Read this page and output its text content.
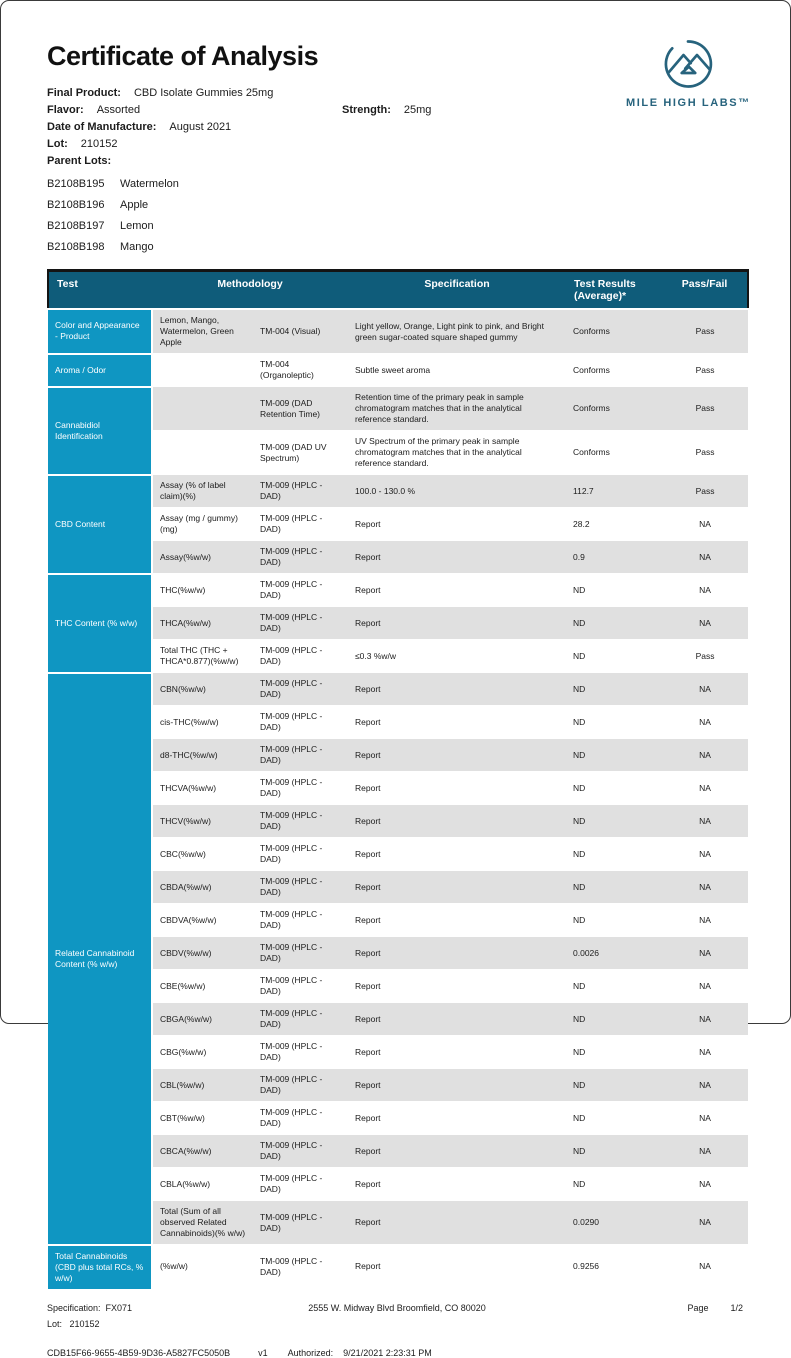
MILE HIGH LABS™
Certificate of Analysis
Final Product: CBD Isolate Gummies 25mg
Flavor: Assorted	Strength: 25mg
Date of Manufacture: August 2021
Lot: 210152
Parent Lots:
B2108B195 Watermelon
B2108B196 Apple
B2108B197 Lemon
B2108B198 Mango
Test	Methodology		Specification	Test Results (Average)*	Pass/Fail
Color and Appearance - Product	Lemon, Mango, Watermelon, Green Apple	TM-004 (Visual)	Light yellow, Orange, Light pink to pink, and Bright green sugar-coated square shaped gummy	Conforms	Pass
Aroma / Odor		TM-004 (Organoleptic)	Subtle sweet aroma	Conforms	Pass
Cannabidiol Identification		TM-009 (DAD Retention Time)	Retention time of the primary peak in sample chromatogram matches that in the analytical reference standard.	Conforms	Pass
		TM-009 (DAD UV Spectrum)	UV Spectrum of the primary peak in sample chromatogram matches that in the analytical reference standard.	Conforms	Pass
CBD Content	Assay (% of label claim)(%)	TM-009 (HPLC - DAD)	100.0 - 130.0 %	112.7	Pass
	Assay (mg / gummy)(mg)	TM-009 (HPLC - DAD)	Report	28.2	NA
	Assay(%w/w)	TM-009 (HPLC - DAD)	Report	0.9	NA
THC Content (% w/w)	THC(%w/w)	TM-009 (HPLC - DAD)	Report	ND	NA
	THCA(%w/w)	TM-009 (HPLC - DAD)	Report	ND	NA
	Total THC (THC + THCA*0.877)(%w/w)	TM-009 (HPLC - DAD)	≤0.3 %w/w	ND	Pass
Related Cannabinoid Content (% w/w)	CBN(%w/w)	TM-009 (HPLC - DAD)	Report	ND	NA
	cis-THC(%w/w)	TM-009 (HPLC - DAD)	Report	ND	NA
	d8-THC(%w/w)	TM-009 (HPLC - DAD)	Report	ND	NA
	THCVA(%w/w)	TM-009 (HPLC - DAD)	Report	ND	NA
	THCV(%w/w)	TM-009 (HPLC - DAD)	Report	ND	NA
	CBC(%w/w)	TM-009 (HPLC - DAD)	Report	ND	NA
	CBDA(%w/w)	TM-009 (HPLC - DAD)	Report	ND	NA
	CBDVA(%w/w)	TM-009 (HPLC - DAD)	Report	ND	NA
	CBDV(%w/w)	TM-009 (HPLC - DAD)	Report	0.0026	NA
	CBE(%w/w)	TM-009 (HPLC - DAD)	Report	ND	NA
	CBGA(%w/w)	TM-009 (HPLC - DAD)	Report	ND	NA
	CBG(%w/w)	TM-009 (HPLC - DAD)	Report	ND	NA
	CBL(%w/w)	TM-009 (HPLC - DAD)	Report	ND	NA
	CBT(%w/w)	TM-009 (HPLC - DAD)	Report	ND	NA
	CBCA(%w/w)	TM-009 (HPLC - DAD)	Report	ND	NA
	CBLA(%w/w)	TM-009 (HPLC - DAD)	Report	ND	NA
	Total (Sum of all observed Related Cannabinoids)(% w/w)	TM-009 (HPLC - DAD)	Report	0.0290	NA
Total Cannabinoids (CBD plus total RCs, % w/w)	(%w/w)	TM-009 (HPLC - DAD)	Report	0.9256	NA
Specification: FX071
Lot: 210152
2555 W. Midway Blvd Broomfield, CO 80020	Page 1/2
CDB15F66-9655-4B59-9D36-A5827FC5050B	v1 Authorized: 9/21/2021 2:23:31 PM
